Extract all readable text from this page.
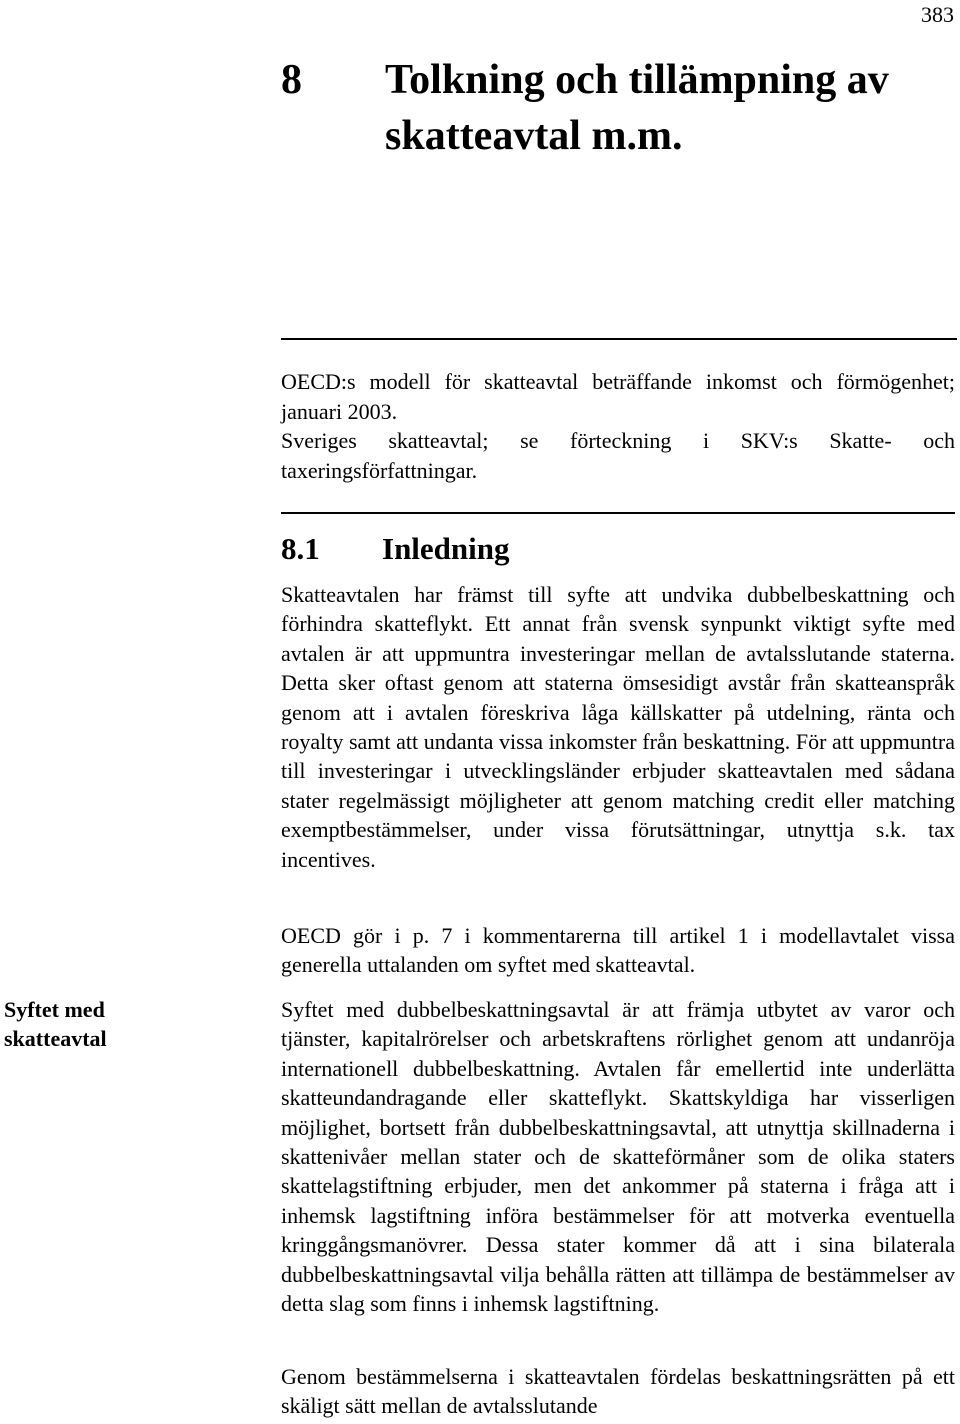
383
8	Tolkning och tillämpning av skatteavtal m.m.

OECD:s modell för skatteavtal beträffande inkomst och förmögenhet; januari 2003.

Sveriges skatteavtal; se förteckning i SKV:s Skatte- och taxeringsförfattningar.

8.1 Inledning

Skatteavtalen har främst till syfte att undvika dubbelbeskattning och förhindra skatteflykt. Ett annat från svensk synpunkt viktigt syfte med avtalen är att uppmuntra investeringar mellan de avtalsslutande staterna. Detta sker oftast genom att staterna ömsesidigt avstår från skatteanspråk genom att i avtalen föreskriva låga källskatter på utdelning, ränta och royalty samt att undanta vissa inkomster från beskattning. För att uppmuntra till investeringar i utvecklingsländer erbjuder skatteavtalen med sådana stater regelmässigt möjligheter att genom matching credit eller matching exemptbestämmelser, under vissa förutsättningar, utnyttja s.k. tax incentives.

OECD gör i p. 7 i kommentarerna till artikel 1 i modellavtalet vissa generella uttalanden om syftet med skatteavtal.

Syftet med skatteavtal

Syftet med dubbelbeskattningsavtal är att främja utbytet av varor och tjänster, kapitalrörelser och arbetskraftens rörlighet genom att undanröja internationell dubbelbeskattning. Avtalen får emellertid inte underlätta skatteundandragande eller skatteflykt. Skattskyldiga har visserligen möjlighet, bortsett från dubbelbeskattningsavtal, att utnyttja skillnaderna i skattenivåer mellan stater och de skatteförmåner som de olika staters skattelagstiftning erbjuder, men det ankommer på staterna i fråga att i inhemsk lagstiftning införa bestämmelser för att motverka eventuella kringgångsmanövrer. Dessa stater kommer då att i sina bilaterala dubbelbeskattningsavtal vilja behålla rätten att tillämpa de bestämmelser av detta slag som finns i inhemsk lagstiftning.

Genom bestämmelserna i skatteavtalen fördelas beskattningsrätten på ett skäligt sätt mellan de avtalsslutande
